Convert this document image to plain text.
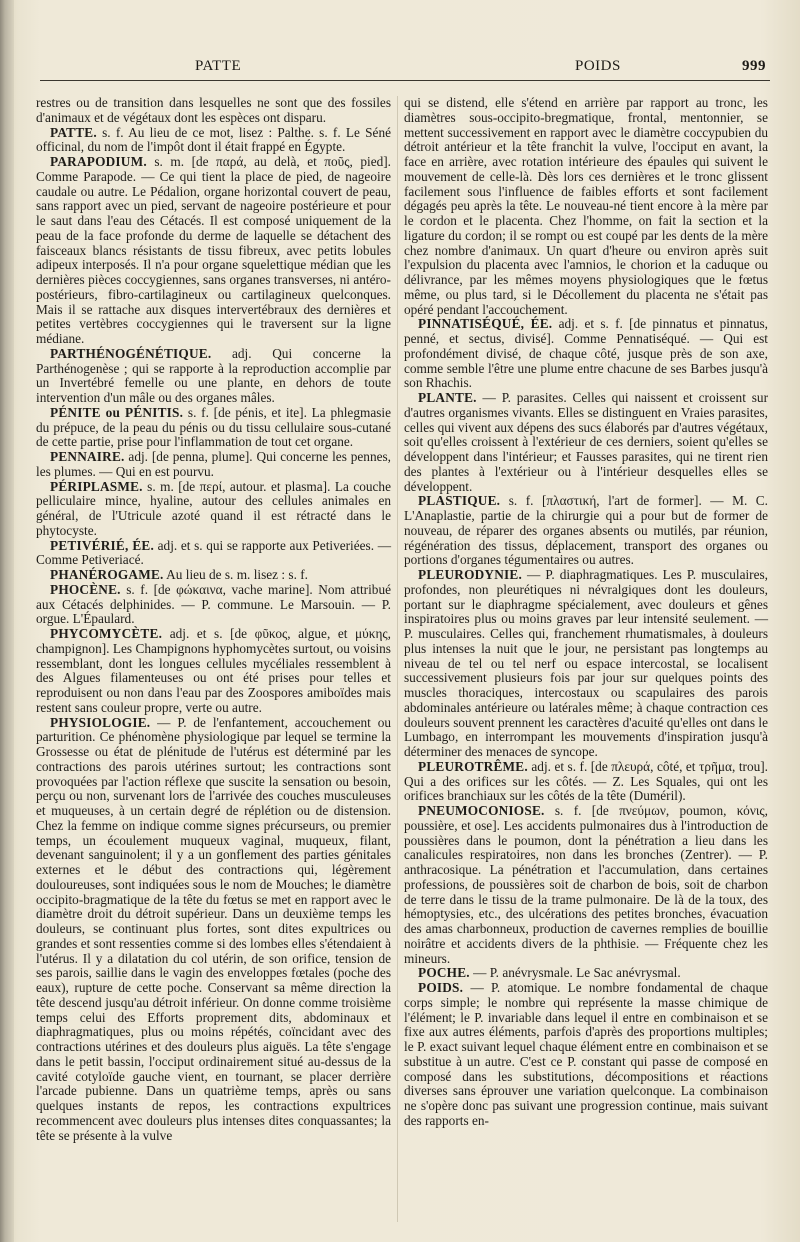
PATTE	POIDS	999

restres ou de transition dans lesquelles ne sont que des fossiles d'animaux et de végétaux dont les espèces ont disparu.

PATTE. s. f. Au lieu de ce mot, lisez : Palthe. s. f. Le Séné officinal, du nom de l'impôt dont il était frappé en Égypte.

PARAPODIUM. s. m. [de παρά, au delà, et ποῦς, pied]. Comme Parapode. — Ce qui tient la place de pied, de nageoire caudale ou autre. Le Pédalion, organe horizontal couvert de peau, sans rapport avec un pied, servant de nageoire postérieure et pour le saut dans l'eau des Cétacés. Il est composé uniquement de la peau de la face profonde du derme de laquelle se détachent des faisceaux blancs résistants de tissu fibreux, avec petits lobules adipeux interposés. Il n'a pour organe squelettique médian que les dernières pièces coccygiennes, sans organes transverses, ni antéro-postérieurs, fibro-cartilagineux ou cartilagineux quelconques. Mais il se rattache aux disques intervertébraux des dernières et petites vertèbres coccygiennes qui le traversent sur la ligne médiane.

PARTHÉNOGÉNÉTIQUE. adj. Qui concerne la Parthénogenèse ; qui se rapporte à la reproduction accomplie par un Invertébré femelle ou une plante, en dehors de toute intervention d'un mâle ou des organes mâles.

PÉNITE ou PÉNITIS. s. f. [de pénis, et ite]. La phlegmasie du prépuce, de la peau du pénis ou du tissu cellulaire sous-cutané de cette partie, prise pour l'inflammation de tout cet organe.

PENNAIRE. adj. [de penna, plume]. Qui concerne les pennes, les plumes. — Qui en est pourvu.

PÉRIPLASME. s. m. [de περί, autour. et plasma]. La couche pelliculaire mince, hyaline, autour des cellules animales en général, de l'Utricule azoté quand il est rétracté dans le phytocyste.

PETIVÉRIÉ, ÉE. adj. et s. qui se rapporte aux Petiveriées. — Comme Petiveriacé.

PHANÉROGAME. Au lieu de s. m. lisez : s. f.

PHOCÈNE. s. f. [de φώκαινα, vache marine]. Nom attribué aux Cétacés delphinides. — P. commune. Le Marsouin. — P. orgue. L'Épaulard.

PHYCOMYCÈTE. adj. et s. [de φῦκος, algue, et μύκης, champignon]. Les Champignons hyphomycètes surtout, ou voisins ressemblant, dont les longues cellules mycéliales ressemblent à des Algues filamenteuses ou ont été prises pour telles et reproduisent ou non dans l'eau par des Zoospores amiboïdes mais restent sans couleur propre, verte ou autre.

PHYSIOLOGIE. — P. de l'enfantement, accouchement ou parturition. Ce phénomène physiologique par lequel se termine la Grossesse ou état de plénitude de l'utérus est déterminé par les contractions des parois utérines surtout; les contractions sont provoquées par l'action réflexe que suscite la sensation ou besoin, perçu ou non, survenant lors de l'arrivée des couches musculeuses et muqueuses, à un certain degré de réplétion ou de distension. Chez la femme on indique comme signes précurseurs, ou premier temps, un écoulement muqueux vaginal, muqueux, filant, devenant sanguinolent; il y a un gonflement des parties génitales externes et le début des contractions qui, légèrement douloureuses, sont indiquées sous le nom de Mouches; le diamètre occipito-bragmatique de la tête du fœtus se met en rapport avec le diamètre droit du détroit supérieur. Dans un deuxième temps les douleurs, se continuant plus fortes, sont dites expultrices ou grandes et sont ressenties comme si des lombes elles s'étendaient à l'utérus. Il y a dilatation du col utérin, de son orifice, tension de ses parois, saillie dans le vagin des enveloppes fœtales (poche des eaux), rupture de cette poche. Conservant sa même direction la tête descend jusqu'au détroit inférieur. On donne comme troisième temps celui des Efforts proprement dits, abdominaux et diaphragmatiques, plus ou moins répétés, coïncidant avec des contractions utérines et des douleurs plus aiguës. La tête s'engage dans le petit bassin, l'occiput ordinairement situé au-dessus de la cavité cotyloïde gauche vient, en tournant, se placer derrière l'arcade pubienne. Dans un quatrième temps, après ou sans quelques instants de repos, les contractions expultrices recommencent avec douleurs plus intenses dites conquassantes; la tête se présente à la vulve

qui se distend, elle s'étend en arrière par rapport au tronc, les diamètres sous-occipito-bregmatique, frontal, mentonnier, se mettent successivement en rapport avec le diamètre coccypubien du détroit antérieur et la tête franchit la vulve, l'occiput en avant, la face en arrière, avec rotation intérieure des épaules qui suivent le mouvement de celle-là. Dès lors ces dernières et le tronc glissent facilement sous l'influence de faibles efforts et sont facilement dégagés peu après la tête. Le nouveau-né tient encore à la mère par le cordon et le placenta. Chez l'homme, on fait la section et la ligature du cordon; il se rompt ou est coupé par les dents de la mère chez nombre d'animaux. Un quart d'heure ou environ après suit l'expulsion du placenta avec l'amnios, le chorion et la caduque ou délivrance, par les mêmes moyens physiologiques que le fœtus même, ou plus tard, si le Décollement du placenta ne s'était pas opéré pendant l'accouchement.

PINNATISÉQUÉ, ÉE. adj. et s. f. [de pinnatus et pinnatus, penné, et sectus, divisé]. Comme Pennatiséqué. — Qui est profondément divisé, de chaque côté, jusque près de son axe, comme semble l'être une plume entre chacune de ses Barbes jusqu'à son Rhachis.

PLANTE. — P. parasites. Celles qui naissent et croissent sur d'autres organismes vivants. Elles se distinguent en Vraies parasites, celles qui vivent aux dépens des sucs élaborés par d'autres végétaux, soit qu'elles croissent à l'extérieur de ces derniers, soient qu'elles se développent dans l'intérieur; et Fausses parasites, qui ne tirent rien des plantes à l'extérieur ou à l'intérieur desquelles elles se développent.

PLASTIQUE. s. f. [πλαστική, l'art de former]. — M. C. L'Anaplastie, partie de la chirurgie qui a pour but de former de nouveau, de réparer des organes absents ou mutilés, par réunion, régénération des tissus, déplacement, transport des organes ou portions d'organes tégumentaires ou autres.

PLEURODYNIE. — P. diaphragmatiques. Les P. musculaires, profondes, non pleurétiques ni névralgiques dont les douleurs, portant sur le diaphragme spécialement, avec douleurs et gênes inspiratoires plus ou moins graves par leur intensité seulement. — P. musculaires. Celles qui, franchement rhumatismales, à douleurs plus intenses la nuit que le jour, ne persistant pas longtemps au niveau de tel ou tel nerf ou espace intercostal, se localisent successivement plusieurs fois par jour sur quelques points des muscles thoraciques, intercostaux ou scapulaires des parois abdominales antérieure ou latérales même; à chaque contraction ces douleurs souvent prennent les caractères d'acuité qu'elles ont dans le Lumbago, en interrompant les mouvements d'inspiration jusqu'à déterminer des menaces de syncope.

PLEUROTRÊME. adj. et s. f. [de πλευρά, côté, et τρῆμα, trou]. Qui a des orifices sur les côtés. — Z. Les Squales, qui ont les orifices branchiaux sur les côtés de la tête (Duméril).

PNEUMOCONIOSE. s. f. [de πνεύμων, poumon, κόνις, poussière, et ose]. Les accidents pulmonaires dus à l'introduction de poussières dans le poumon, dont la pénétration a lieu dans les canalicules respiratoires, non dans les bronches (Zentrer). — P. anthracosique. La pénétration et l'accumulation, dans certaines professions, de poussières soit de charbon de bois, soit de charbon de terre dans le tissu de la trame pulmonaire. De là de la toux, des hémoptysies, etc., des ulcérations des petites bronches, évacuation des amas charbonneux, production de cavernes remplies de bouillie noirâtre et accidents divers de la phthisie. — Fréquente chez les mineurs.

POCHE. — P. anévrysmale. Le Sac anévrysmal.

POIDS. — P. atomique. Le nombre fondamental de chaque corps simple; le nombre qui représente la masse chimique de l'élément; le P. invariable dans lequel il entre en combinaison et se fixe aux autres éléments, parfois d'après des proportions multiples; le P. exact suivant lequel chaque élément entre en combinaison et se substitue à un autre. C'est ce P. constant qui passe de composé en composé dans les substitutions, décompositions et réactions diverses sans éprouver une variation quelconque. La combinaison ne s'opère donc pas suivant une progression continue, mais suivant des rapports en-
